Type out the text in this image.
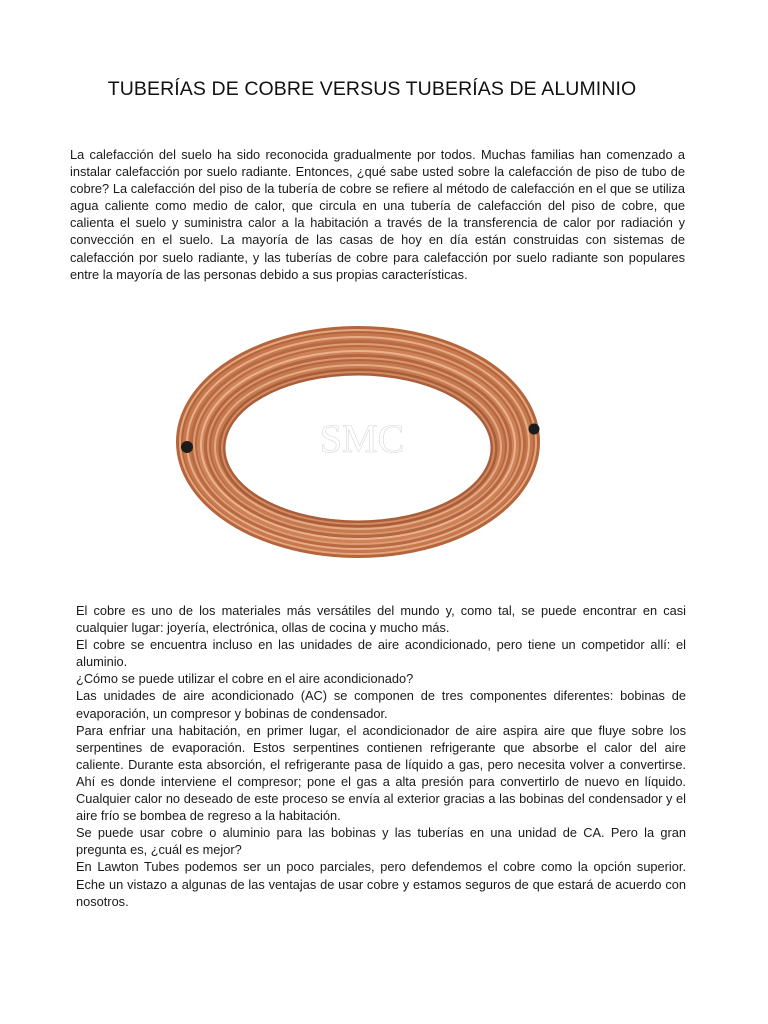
TUBERÍAS DE COBRE VERSUS TUBERÍAS DE ALUMINIO

La calefacción del suelo ha sido reconocida gradualmente por todos. Muchas familias han comenzado a instalar calefacción por suelo radiante. Entonces, ¿qué sabe usted sobre la calefacción de piso de tubo de cobre? La calefacción del piso de la tubería de cobre se refiere al método de calefacción en el que se utiliza agua caliente como medio de calor, que circula en una tubería de calefacción del piso de cobre, que calienta el suelo y suministra calor a la habitación a través de la transferencia de calor por radiación y convección en el suelo. La mayoría de las casas de hoy en día están construidas con sistemas de calefacción por suelo radiante, y las tuberías de cobre para calefacción por suelo radiante son populares entre la mayoría de las personas debido a sus propias características.

SMC

El cobre es uno de los materiales más versátiles del mundo y, como tal, se puede encontrar en casi cualquier lugar: joyería, electrónica, ollas de cocina y mucho más.

El cobre se encuentra incluso en las unidades de aire acondicionado, pero tiene un competidor allí: el aluminio.

¿Cómo se puede utilizar el cobre en el aire acondicionado?

Las unidades de aire acondicionado (AC) se componen de tres componentes diferentes: bobinas de evaporación, un compresor y bobinas de condensador.

Para enfriar una habitación, en primer lugar, el acondicionador de aire aspira aire que fluye sobre los serpentines de evaporación. Estos serpentines contienen refrigerante que absorbe el calor del aire caliente. Durante esta absorción, el refrigerante pasa de líquido a gas, pero necesita volver a convertirse. Ahí es donde interviene el compresor; pone el gas a alta presión para convertirlo de nuevo en líquido. Cualquier calor no deseado de este proceso se envía al exterior gracias a las bobinas del condensador y el aire frío se bombea de regreso a la habitación.

Se puede usar cobre o aluminio para las bobinas y las tuberías en una unidad de CA. Pero la gran pregunta es, ¿cuál es mejor?

En Lawton Tubes podemos ser un poco parciales, pero defendemos el cobre como la opción superior. Eche un vistazo a algunas de las ventajas de usar cobre y estamos seguros de que estará de acuerdo con nosotros.
